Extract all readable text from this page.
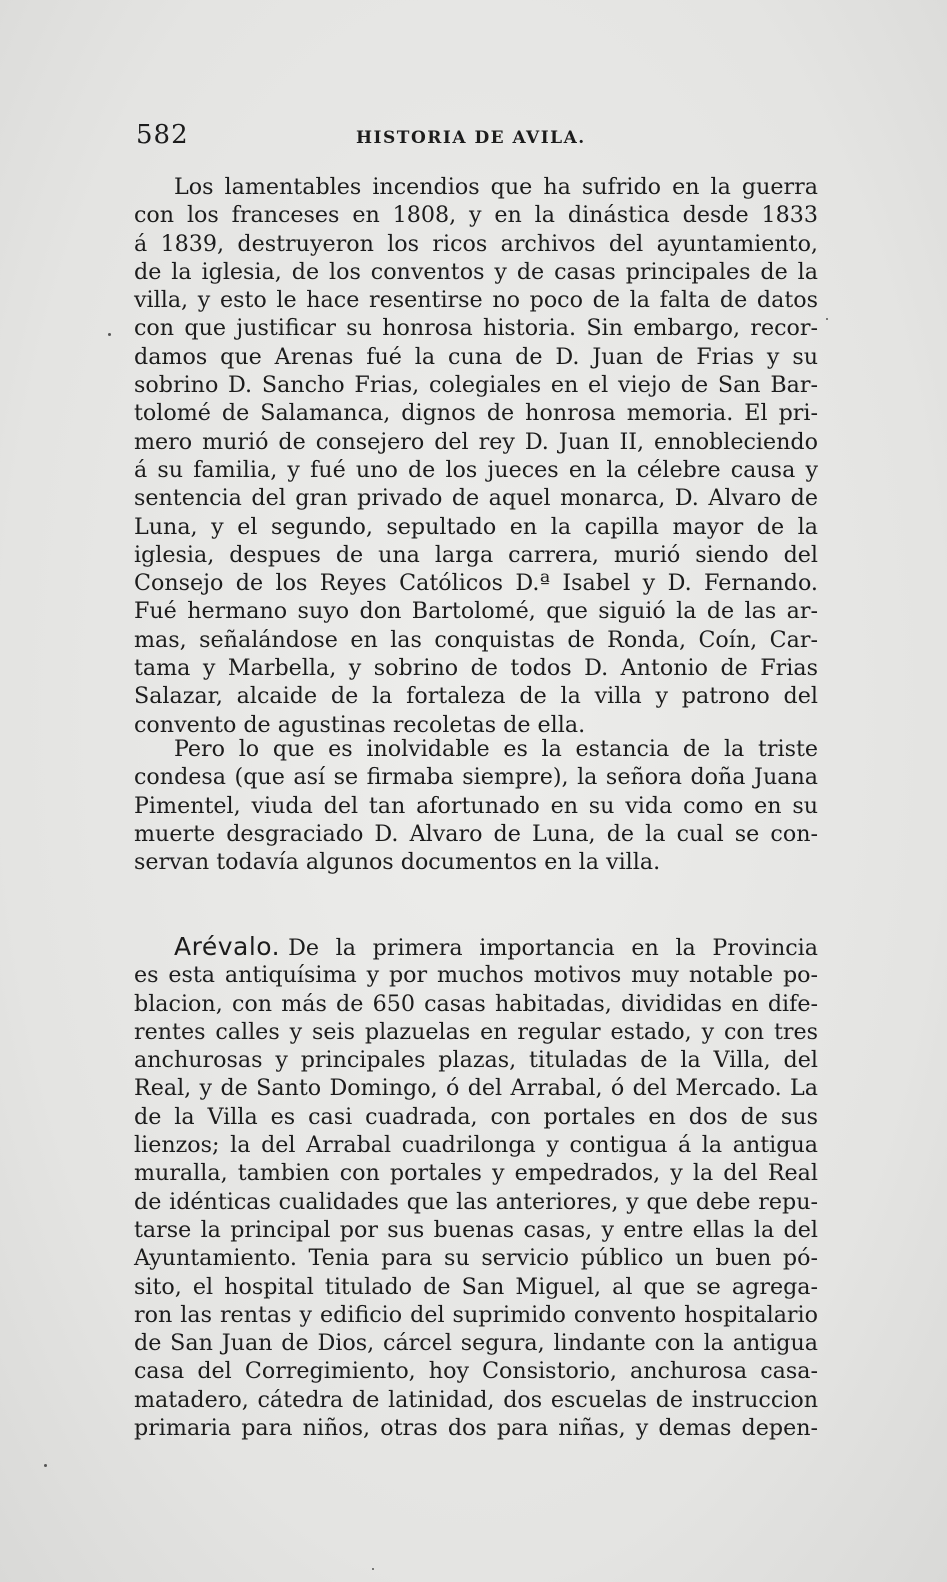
582	HISTORIA DE AVILA.
Los lamentables incendios que ha sufrido en la guerra
con los franceses en 1808, y en la dinástica desde 1833
á 1839, destruyeron los ricos archivos del ayuntamiento,
de la iglesia, de los conventos y de casas principales de la
villa, y esto le hace resentirse no poco de la falta de datos
con que justificar su honrosa historia. Sin embargo, recor-
damos que Arenas fué la cuna de D. Juan de Frias y su
sobrino D. Sancho Frias, colegiales en el viejo de San Bar-
tolomé de Salamanca, dignos de honrosa memoria. El pri-
mero murió de consejero del rey D. Juan II, ennobleciendo
á su familia, y fué uno de los jueces en la célebre causa y
sentencia del gran privado de aquel monarca, D. Alvaro de
Luna, y el segundo, sepultado en la capilla mayor de la
iglesia, despues de una larga carrera, murió siendo del
Consejo de los Reyes Católicos D.ª Isabel y D. Fernando.
Fué hermano suyo don Bartolomé, que siguió la de las ar-
mas, señalándose en las conquistas de Ronda, Coín, Car-
tama y Marbella, y sobrino de todos D. Antonio de Frias
Salazar, alcaide de la fortaleza de la villa y patrono del
convento de agustinas recoletas de ella.
Pero lo que es inolvidable es la estancia de la triste
condesa (que así se firmaba siempre), la señora doña Juana
Pimentel, viuda del tan afortunado en su vida como en su
muerte desgraciado D. Alvaro de Luna, de la cual se con-
servan todavía algunos documentos en la villa.
Arévalo. De la primera importancia en la Provincia
es esta antiquísima y por muchos motivos muy notable po-
blacion, con más de 650 casas habitadas, divididas en dife-
rentes calles y seis plazuelas en regular estado, y con tres
anchurosas y principales plazas, tituladas de la Villa, del
Real, y de Santo Domingo, ó del Arrabal, ó del Mercado. La
de la Villa es casi cuadrada, con portales en dos de sus
lienzos; la del Arrabal cuadrilonga y contigua á la antigua
muralla, tambien con portales y empedrados, y la del Real
de idénticas cualidades que las anteriores, y que debe repu-
tarse la principal por sus buenas casas, y entre ellas la del
Ayuntamiento. Tenia para su servicio público un buen pó-
sito, el hospital titulado de San Miguel, al que se agrega-
ron las rentas y edificio del suprimido convento hospitalario
de San Juan de Dios, cárcel segura, lindante con la antigua
casa del Corregimiento, hoy Consistorio, anchurosa casa-
matadero, cátedra de latinidad, dos escuelas de instruccion
primaria para niños, otras dos para niñas, y demas depen-
